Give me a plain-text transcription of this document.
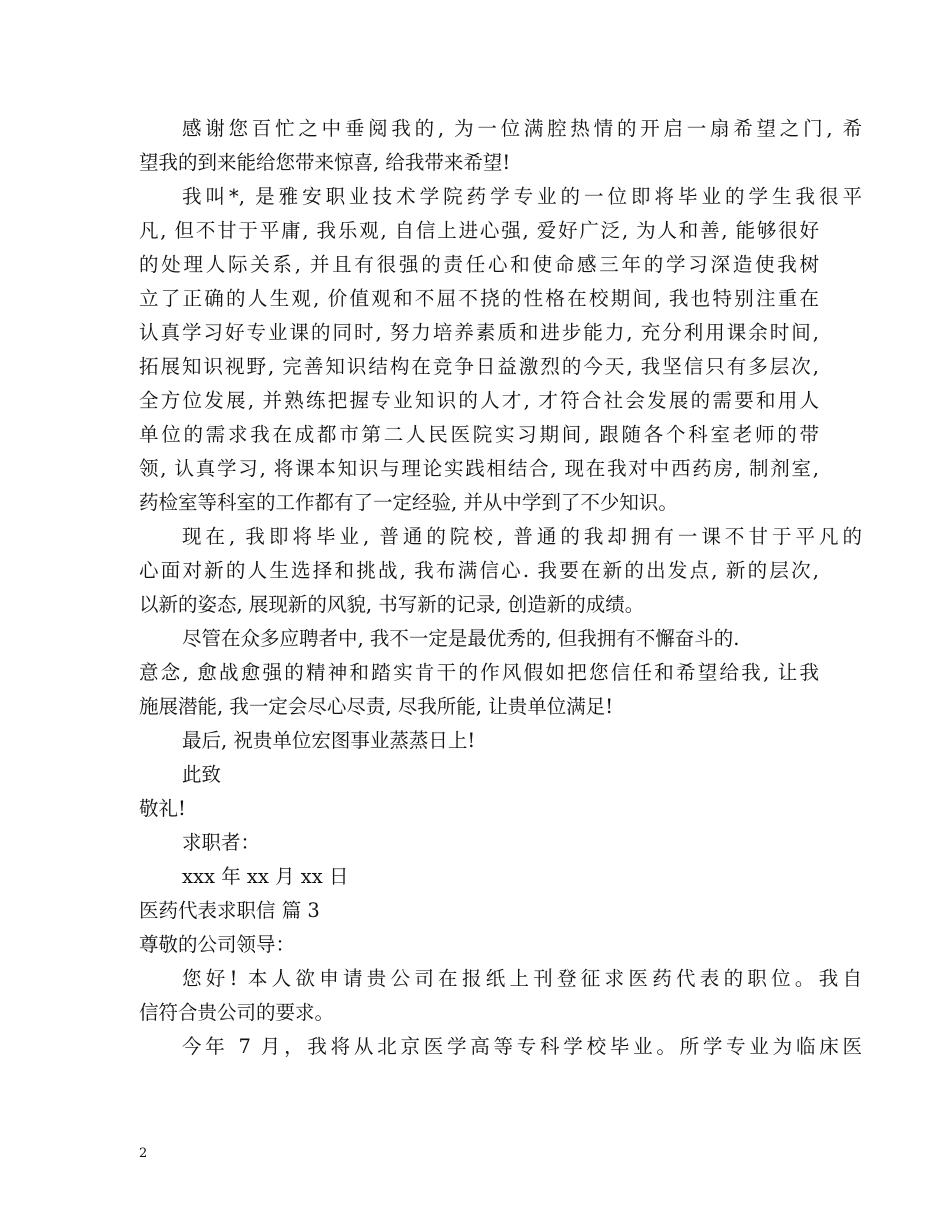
感谢您百忙之中垂阅我的, 为一位满腔热情的开启一扇希望之门, 希

望我的到来能给您带来惊喜, 给我带来希望!

我叫*, 是雅安职业技术学院药学专业的一位即将毕业的学生我很平

凡, 但不甘于平庸, 我乐观, 自信上进心强, 爱好广泛, 为人和善, 能够很好

的处理人际关系, 并且有很强的责任心和使命感三年的学习深造使我树

立了正确的人生观, 价值观和不屈不挠的性格在校期间, 我也特别注重在

认真学习好专业课的同时, 努力培养素质和进步能力, 充分利用课余时间,

拓展知识视野, 完善知识结构在竞争日益激烈的今天, 我坚信只有多层次,

全方位发展, 并熟练把握专业知识的人才, 才符合社会发展的需要和用人

单位的需求我在成都市第二人民医院实习期间, 跟随各个科室老师的带

领, 认真学习, 将课本知识与理论实践相结合, 现在我对中西药房, 制剂室,

药检室等科室的工作都有了一定经验, 并从中学到了不少知识。

现在, 我即将毕业, 普通的院校, 普通的我却拥有一课不甘于平凡的

心面对新的人生选择和挑战, 我布满信心. 我要在新的出发点, 新的层次,

以新的姿态, 展现新的风貌, 书写新的记录, 创造新的成绩。

尽管在众多应聘者中, 我不一定是最优秀的, 但我拥有不懈奋斗的.

意念, 愈战愈强的精神和踏实肯干的作风假如把您信任和希望给我, 让我

施展潜能, 我一定会尽心尽责, 尽我所能, 让贵单位满足!

最后, 祝贵单位宏图事业蒸蒸日上!

此致

敬礼!

求职者：

xxx 年 xx 月 xx 日

医药代表求职信 篇 3

尊敬的公司领导：

您好! 本人欲申请贵公司在报纸上刊登征求医药代表的职位。我自

信符合贵公司的要求。

今年 7 月，我将从北京医学高等专科学校毕业。所学专业为临床医

2
